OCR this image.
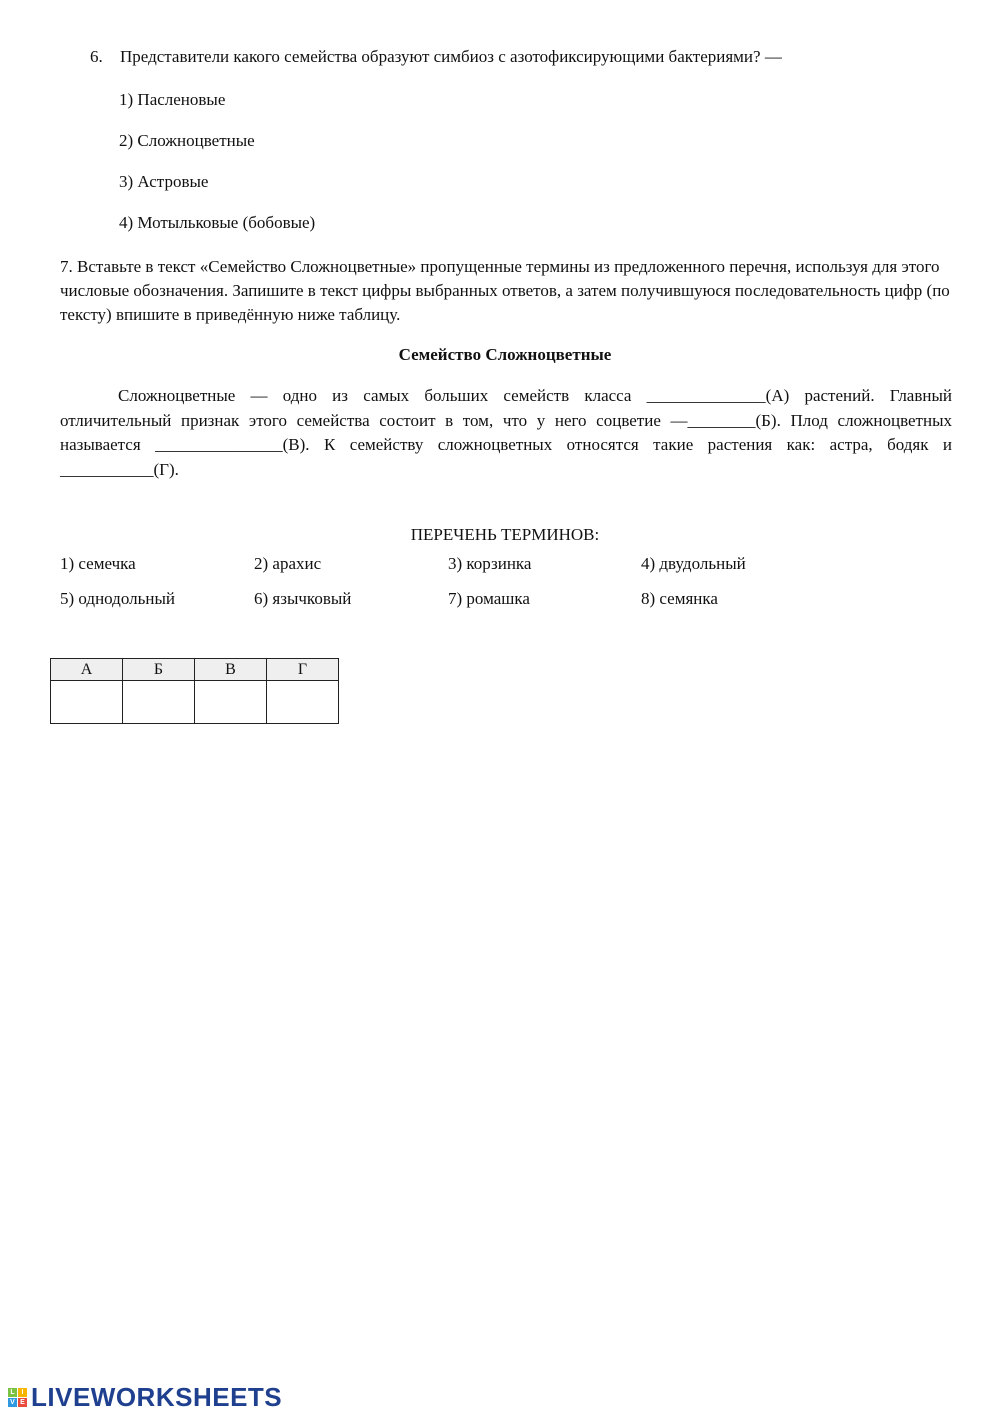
6. Представители какого семейства образуют симбиоз с азотофиксирующими бактериями? —
1) Пасленовые
2) Сложноцветные
3) Астровые
4) Мотыльковые (бобовые)
7. Вставьте в текст «Семейство Сложноцветные» пропущенные термины из предложенного перечня, используя для этого числовые обозначения. Запишите в текст цифры выбранных ответов, а затем получившуюся последовательность цифр (по тексту) впишите в приведённую ниже таблицу.
Семейство Сложноцветные
Сложноцветные — одно из самых больших семейств класса ______________(А) растений. Главный отличительный признак этого семейства состоит в том, что у него соцветие —________(Б). Плод сложноцветных называется _______________(В). К семейству сложноцветных относятся такие растения как: астра, бодяк и ___________(Г).
ПЕРЕЧЕНЬ ТЕРМИНОВ:
1) семечка	2) арахис	3) корзинка	4) двудольный
5) однодольный	6) язычковый	7) ромашка	8) семянка
А	Б	В	Г

L I
V E LIVEWORKSHEETS
